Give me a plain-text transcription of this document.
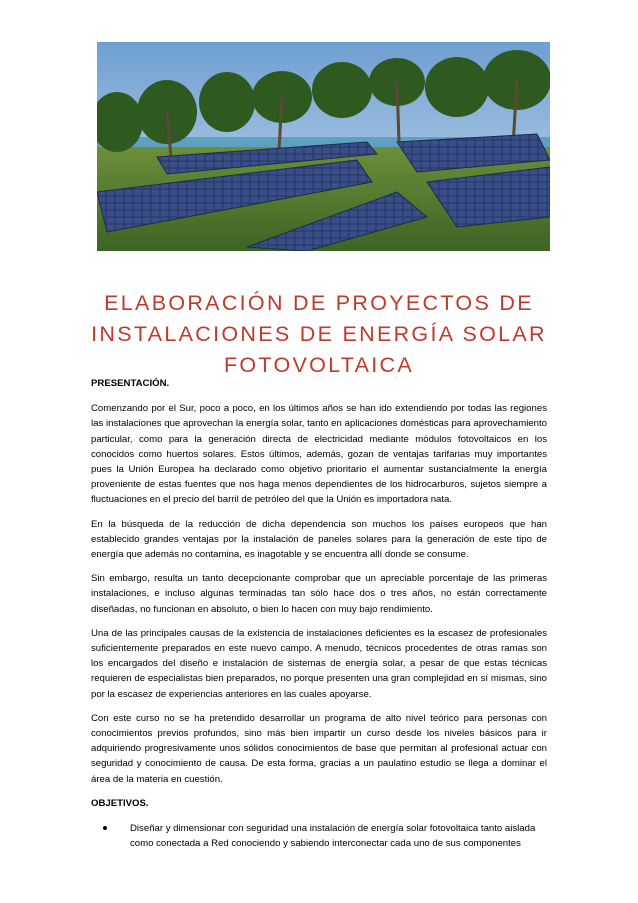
ELABORACIÓN DE PROYECTOS DE
INSTALACIONES DE ENERGÍA SOLAR
FOTOVOLTAICA
PRESENTACIÓN.

Comenzando por el Sur, poco a poco, en los últimos años se han ido extendiendo por todas las regiones las instalaciones que aprovechan la energía solar, tanto en aplicaciones domésticas para aprovechamiento particular, como para la generación directa de electricidad mediante módulos fotovoltaicos en los conocidos como huertos solares. Estos últimos, además, gozan de ventajas tarifarias muy importantes pues la Unión Europea ha declarado como objetivo prioritario el aumentar sustancialmente la energía proveniente de estas fuentes que nos haga menos dependientes de los hidrocarburos, sujetos siempre a fluctuaciones en el precio del barril de petróleo del que la Unión es importadora nata.

En la búsqueda de la reducción de dicha dependencia son muchos los países europeos que han establecido grandes ventajas por la instalación de paneles solares para la generación de este tipo de energía que además no contamina, es inagotable y se encuentra allí donde se consume.

Sin embargo, resulta un tanto decepcionante comprobar que un apreciable porcentaje de las primeras instalaciones, e incluso algunas terminadas tan sólo hace dos o tres años, no están correctamente diseñadas, no funcionan en absoluto, o bien lo hacen con muy bajo rendimiento.

Una de las principales causas de la existencia de instalaciones deficientes es la escasez de profesionales suficientemente preparados en este nuevo campo. A menudo, técnicos procedentes de otras ramas son los encargados del diseño e instalación de sistemas de energía solar, a pesar de que estas técnicas requieren de especialistas bien preparados, no porque presenten una gran complejidad en sí mismas, sino por la escasez de experiencias anteriores en las cuales apoyarse.

Con este curso no se ha pretendido desarrollar un programa de alto nivel teórico para personas con conocimientos previos profundos, sino más bien impartir un curso desde los niveles básicos para ir adquiriendo progresivamente unos sólidos conocimientos de base que permitan al profesional actuar con seguridad y conocimiento de causa. De esta forma, gracias a un paulatino estudio se llega a dominar el área de la materia en cuestión.

OBJETIVOS.
Diseñar y dimensionar con seguridad una instalación de energía solar fotovoltaica tanto aislada como conectada a Red conociendo y sabiendo interconectar cada uno de sus componentes
